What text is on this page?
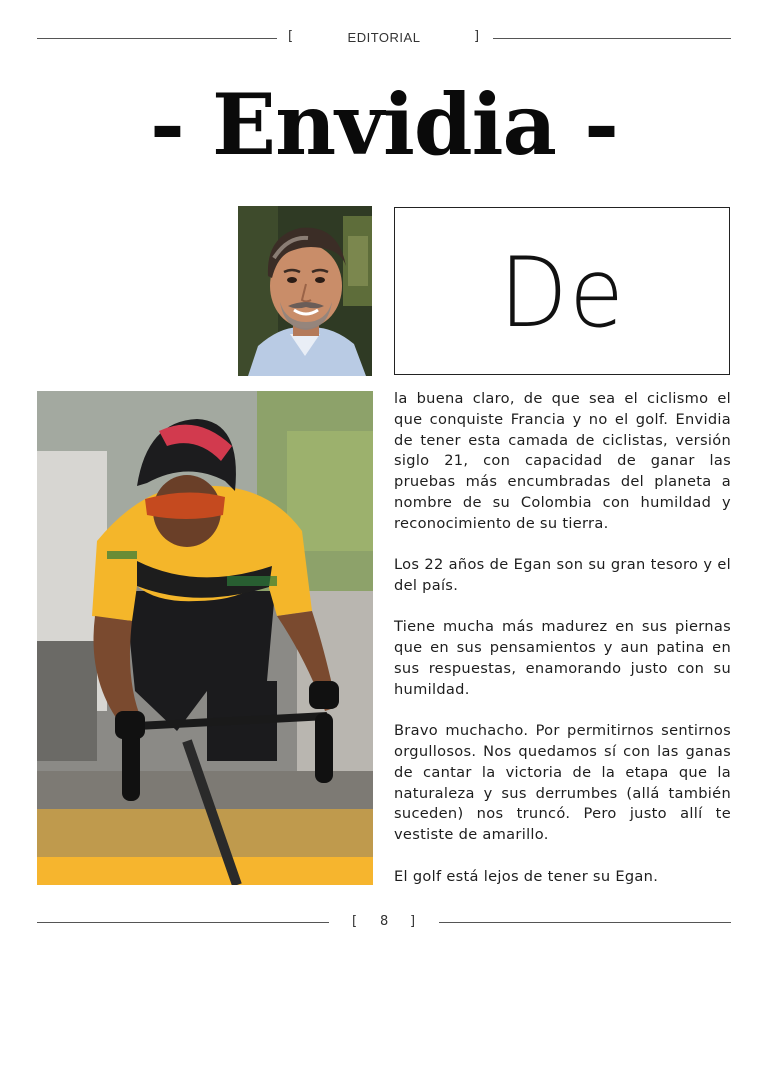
[	EDITORIAL	]
- Envidia -
De

la buena claro, de que sea el ciclismo el que conquiste Francia y no el golf. Envidia de tener esta camada de ciclistas, versión siglo 21, con capacidad de ganar las pruebas más encumbradas del planeta a nombre de su Colombia con humildad y reconocimiento de su tierra.

Los 22 años de Egan son su gran tesoro y el del país.

Tiene mucha más madurez en sus piernas que en sus pensamientos y aun patina en sus respuestas, enamorando justo con su humildad.

Bravo muchacho. Por permitirnos sentirnos orgullosos. Nos quedamos sí con las ganas de cantar la victoria de la etapa que la naturaleza y sus derrumbes (allá también suceden) nos truncó. Pero justo allí te vestiste de amarillo.

El golf está lejos de tener su Egan.

[ 8 ]
